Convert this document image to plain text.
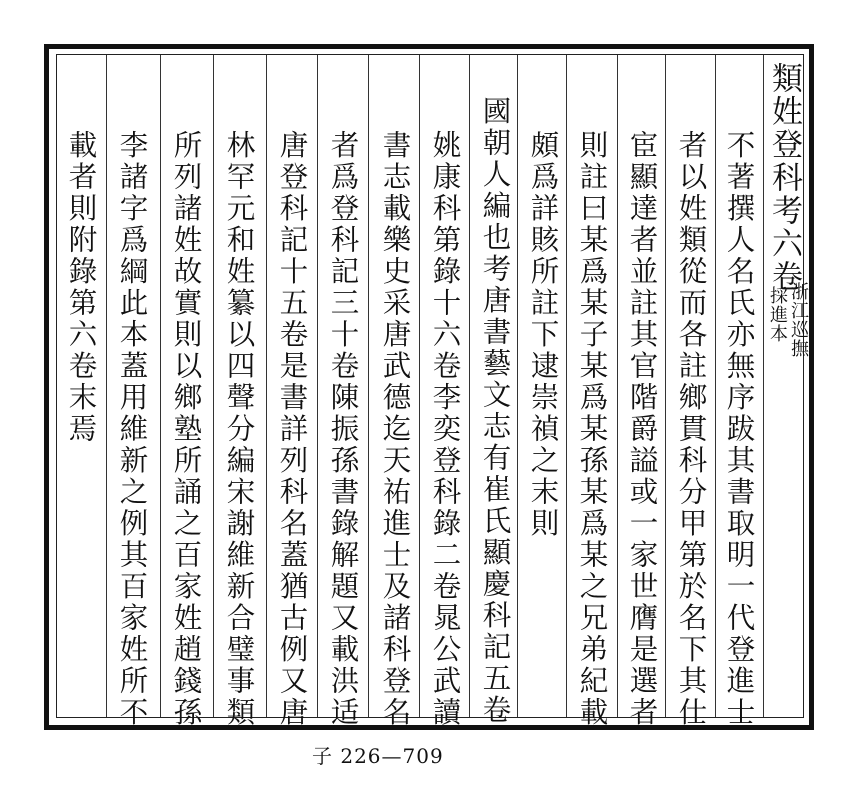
類姓登科考六卷
浙江巡撫
採進本
不著撰人名氏亦無序跋其書取明一代登進士
者以姓類從而各註鄉貫科分甲第於名下其仕
宦顯達者並註其官階爵謚或一家世膺是選者
則註曰某爲某子某爲某孫某爲某之兄弟紀載
頗爲詳賅所註下逮崇禎之末則
國朝人編也考唐書藝文志有崔氏顯慶科記五卷
姚康科第錄十六卷李奕登科錄二卷晁公武讀
書志載樂史采唐武德迄天祐進士及諸科登名
者爲登科記三十卷陳振孫書錄解題又載洪适
唐登科記十五卷是書詳列科名蓋猶古例又唐
林罕元和姓纂以四聲分編宋謝維新合璧事類
所列諸姓故實則以鄉塾所誦之百家姓趙錢孫
李諸字爲綱此本蓋用維新之例其百家姓所不
載者則附錄第六卷末焉
子 226—709
